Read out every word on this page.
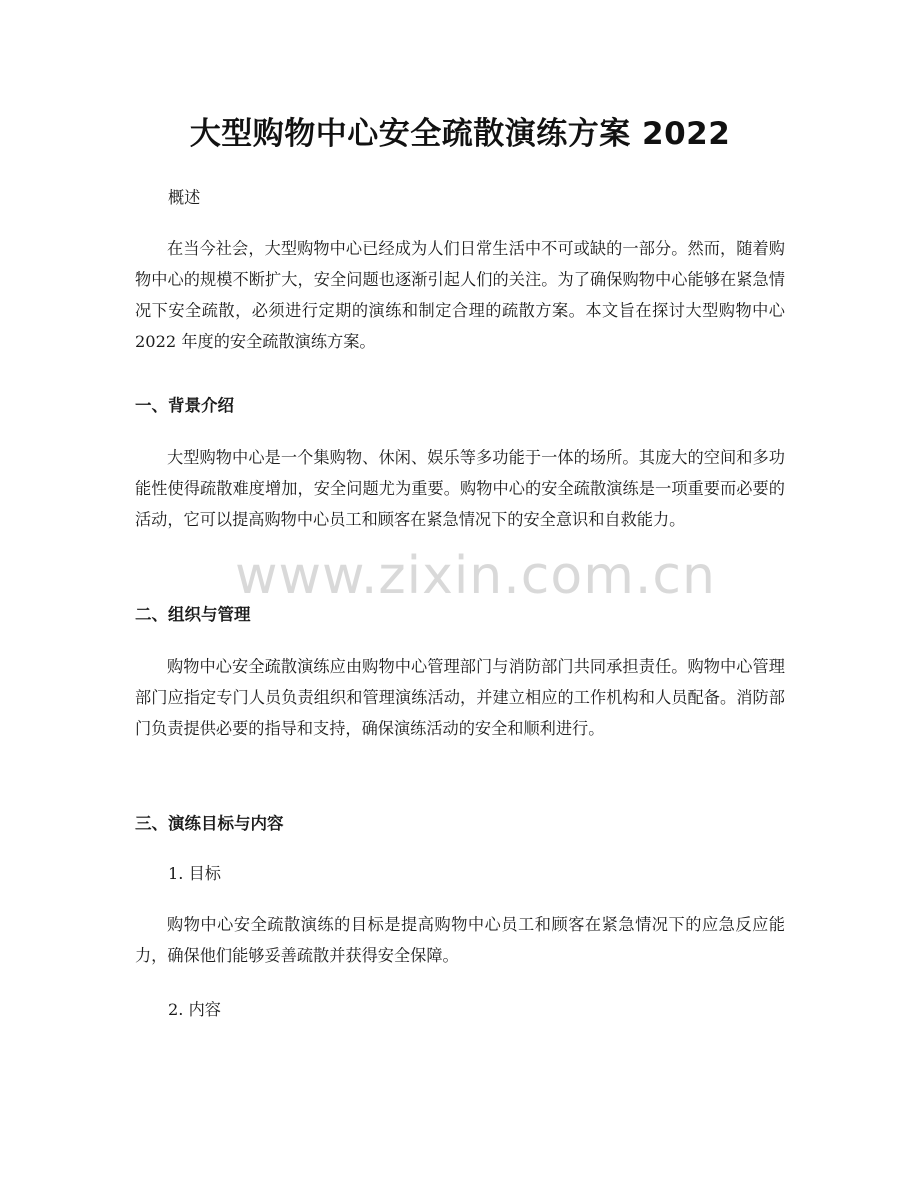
大型购物中心安全疏散演练方案 2022

概述

在当今社会，大型购物中心已经成为人们日常生活中不可或缺的一部分。然而，随着购物中心的规模不断扩大，安全问题也逐渐引起人们的关注。为了确保购物中心能够在紧急情况下安全疏散，必须进行定期的演练和制定合理的疏散方案。本文旨在探讨大型购物中心 2022 年度的安全疏散演练方案。

一、背景介绍

大型购物中心是一个集购物、休闲、娱乐等多功能于一体的场所。其庞大的空间和多功能性使得疏散难度增加，安全问题尤为重要。购物中心的安全疏散演练是一项重要而必要的活动，它可以提高购物中心员工和顾客在紧急情况下的安全意识和自救能力。

二、组织与管理

购物中心安全疏散演练应由购物中心管理部门与消防部门共同承担责任。购物中心管理部门应指定专门人员负责组织和管理演练活动，并建立相应的工作机构和人员配备。消防部门负责提供必要的指导和支持，确保演练活动的安全和顺利进行。

三、演练目标与内容

1. 目标

购物中心安全疏散演练的目标是提高购物中心员工和顾客在紧急情况下的应急反应能力，确保他们能够妥善疏散并获得安全保障。

2. 内容

www.zixin.com.cn
